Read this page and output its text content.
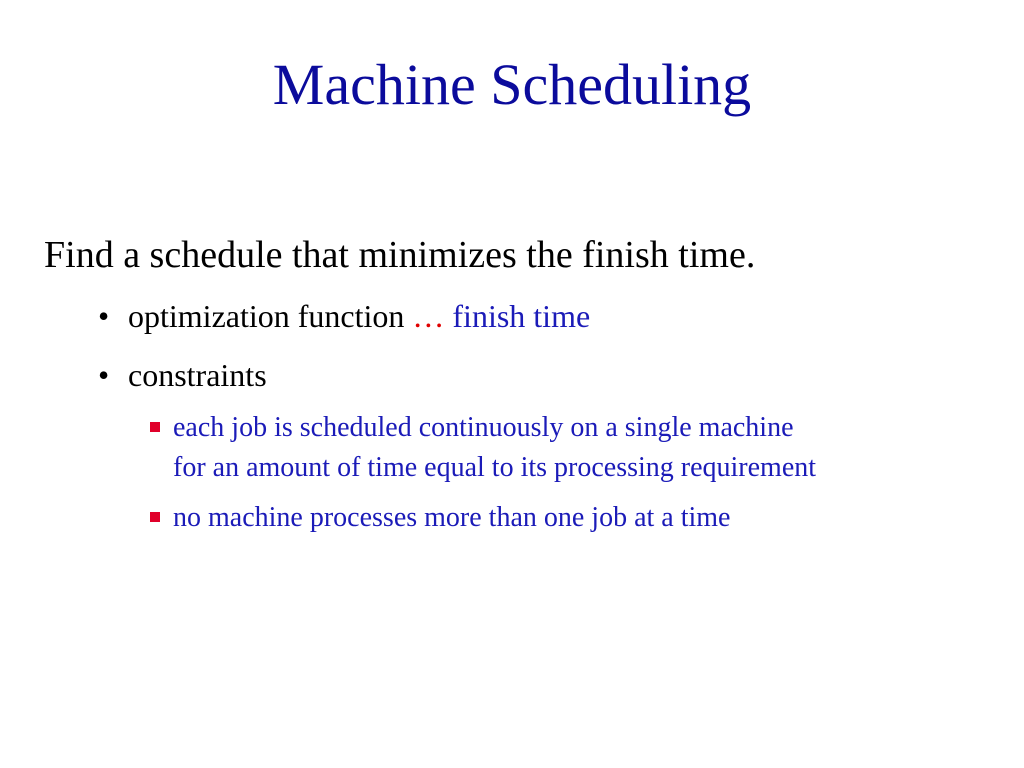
Machine Scheduling
Find a schedule that minimizes the finish time.
• optimization function … finish time
• constraints
each job is scheduled continuously on a single machine
for an amount of time equal to its processing requirement
no machine processes more than one job at a time
